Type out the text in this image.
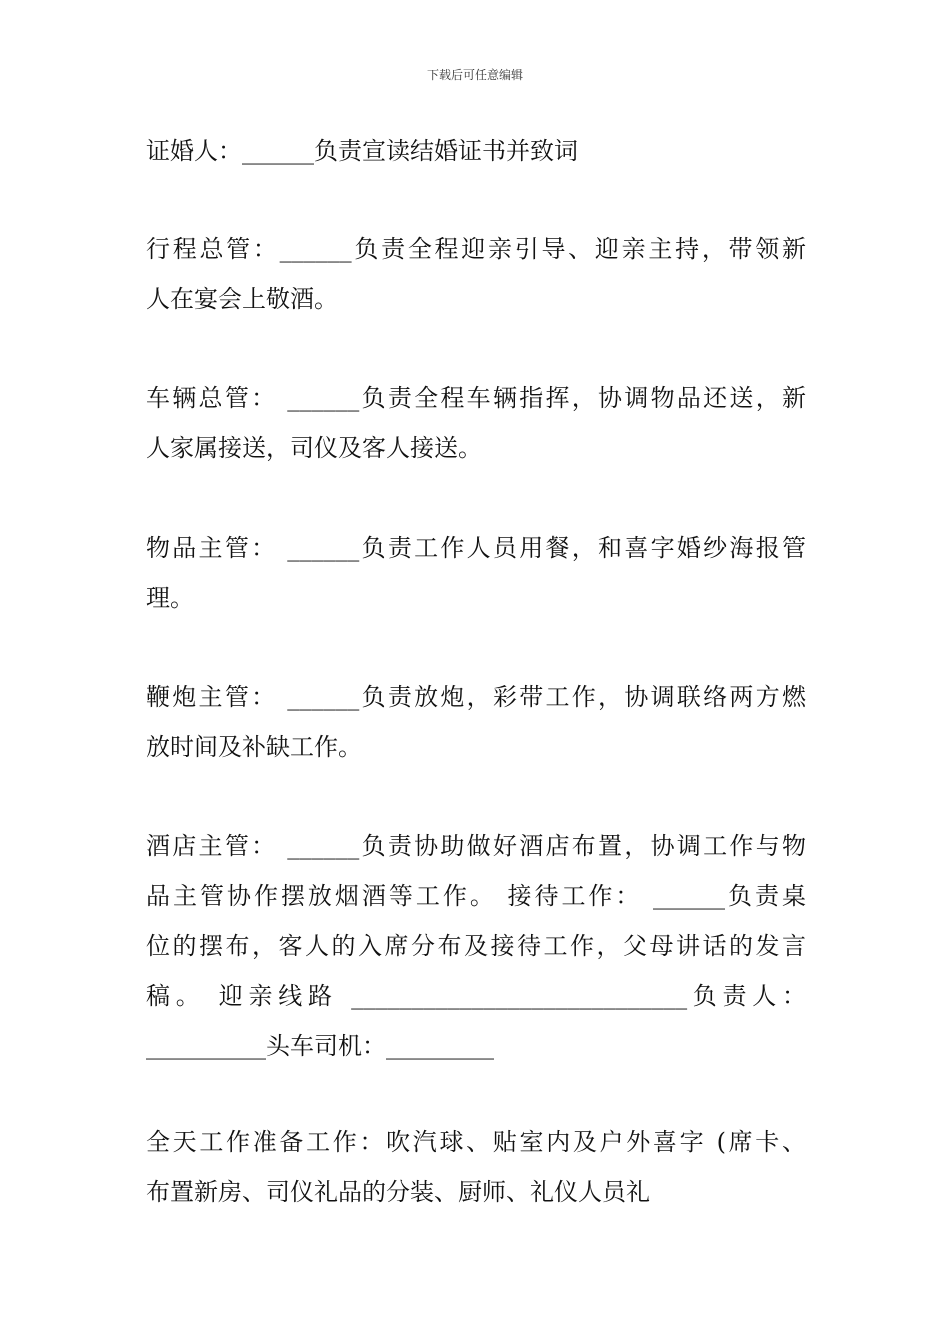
下载后可任意编辑
证婚人：______负责宣读结婚证书并致词
行程总管：______负责全程迎亲引导、迎亲主持，带领新
人在宴会上敬酒。
车辆总管： ______负责全程车辆指挥，协调物品还送，新
人家属接送，司仪及客人接送。
物品主管： ______负责工作人员用餐，和喜字婚纱海报管
理。
鞭炮主管： ______负责放炮，彩带工作，协调联络两方燃
放时间及补缺工作。
酒店主管： ______负责协助做好酒店布置，协调工作与物
品主管协作摆放烟酒等工作。 接待工作： ______负责桌
位的摆布，客人的入席分布及接待工作，父母讲话的发言
稿。 迎亲线路 ____________________________负责人：
__________头车司机：_________
全天工作准备工作：吹汽球、贴室内及户外喜字 (席卡、
布置新房、司仪礼品的分装、厨师、礼仪人员礼
